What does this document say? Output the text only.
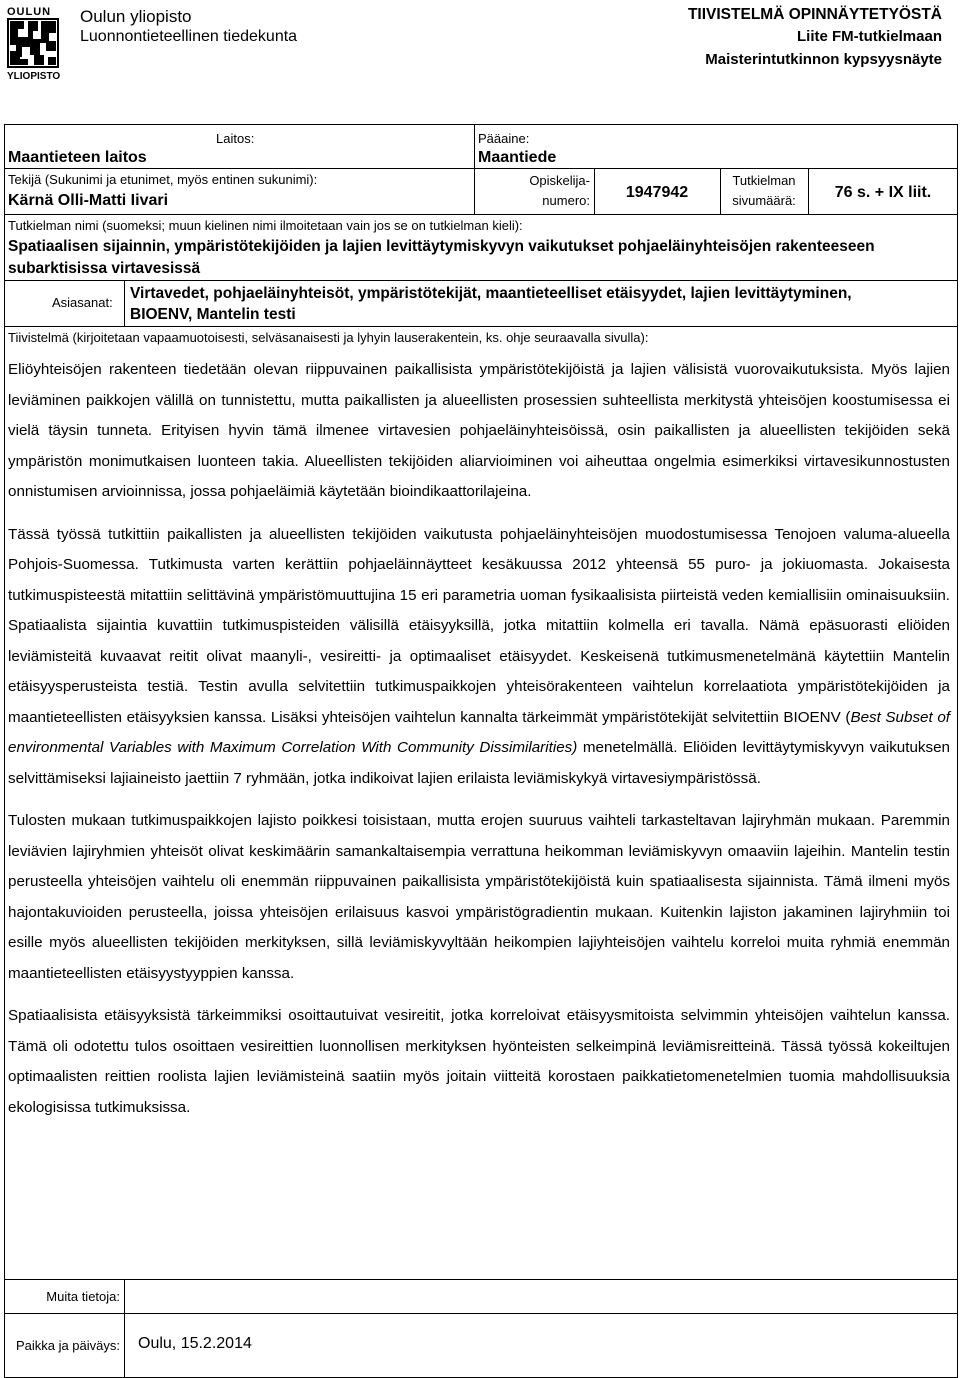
OULUN
YLIOPISTO
Oulun yliopisto
Luonnontieteellinen tiedekunta
TIIVISTELMÄ OPINNÄYTETYÖSTÄ
Liite FM-tutkielmaan
Maisterintutkinnon kypsyysnäyte
Laitos:
Maantieteen laitos
Pääaine:
Maantiede
Tekijä (Sukunimi ja etunimet, myös entinen sukunimi):
Kärnä Olli-Matti Iivari
Opiskelija-
numero:	1947942
Tutkielman
sivumäärä:	76 s. + IX liit.
Tutkielman nimi (suomeksi; muun kielinen nimi ilmoitetaan vain jos se on tutkielman kieli):
Spatiaalisen sijainnin, ympäristötekijöiden ja lajien levittäytymiskyvyn vaikutukset pohjaeläinyhteisöjen rakenteeseen
subarktisissa virtavesissä
Asiasanat:
Virtavedet, pohjaeläinyhteisöt, ympäristötekijät, maantieteelliset etäisyydet, lajien levittäytyminen,
BIOENV, Mantelin testi
Tiivistelmä (kirjoitetaan vapaamuotoisesti, selväsanaisesti ja lyhyin lauserakentein, ks. ohje seuraavalla sivulla):

Eliöyhteisöjen rakenteen tiedetään olevan riippuvainen paikallisista ympäristötekijöistä ja lajien välisistä vuorovaikutuksista. Myös lajien leviäminen paikkojen välillä on tunnistettu, mutta paikallisten ja alueellisten prosessien suhteellista merkitystä yhteisöjen koostumisessa ei vielä täysin tunneta. Erityisen hyvin tämä ilmenee virtavesien pohjaeläinyhteisöissä, osin paikallisten ja alueellisten tekijöiden sekä ympäristön monimutkaisen luonteen takia. Alueellisten tekijöiden aliarvioiminen voi aiheuttaa ongelmia esimerkiksi virtavesikunnostusten onnistumisen arvioinnissa, jossa pohjaeläimiä käytetään bioindikaattorilajeina.

Tässä työssä tutkittiin paikallisten ja alueellisten tekijöiden vaikutusta pohjaeläinyhteisöjen muodostumisessa Tenojoen valuma-alueella Pohjois-Suomessa. Tutkimusta varten kerättiin pohjaeläinnäytteet kesäkuussa 2012 yhteensä 55 puro- ja jokiuomasta. Jokaisesta tutkimuspisteestä mitattiin selittävinä ympäristömuuttujina 15 eri parametria uoman fysikaalisista piirteistä veden kemiallisiin ominaisuuksiin. Spatiaalista sijaintia kuvattiin tutkimuspisteiden välisillä etäisyyksillä, jotka mitattiin kolmella eri tavalla. Nämä epäsuorasti eliöiden leviämisteitä kuvaavat reitit olivat maanyli-, vesireitti- ja optimaaliset etäisyydet. Keskeisenä tutkimusmenetelmänä käytettiin Mantelin etäisyysperusteista testiä. Testin avulla selvitettiin tutkimuspaikkojen yhteisörakenteen vaihtelun korrelaatiota ympäristötekijöiden ja maantieteellisten etäisyyksien kanssa. Lisäksi yhteisöjen vaihtelun kannalta tärkeimmät ympäristötekijät selvitettiin BIOENV (Best Subset of environmental Variables with Maximum Correlation With Community Dissimilarities) menetelmällä. Eliöiden levittäytymiskyvyn vaikutuksen selvittämiseksi lajiaineisto jaettiin 7 ryhmään, jotka indikoivat lajien erilaista leviämiskykyä virtavesiympäristössä.

Tulosten mukaan tutkimuspaikkojen lajisto poikkesi toisistaan, mutta erojen suuruus vaihteli tarkasteltavan lajiryhmän mukaan. Paremmin leviävien lajiryhmien yhteisöt olivat keskimäärin samankaltaisempia verrattuna heikomman leviämiskyvyn omaaviin lajeihin. Mantelin testin perusteella yhteisöjen vaihtelu oli enemmän riippuvainen paikallisista ympäristötekijöistä kuin spatiaalisesta sijainnista. Tämä ilmeni myös hajontakuvioiden perusteella, joissa yhteisöjen erilaisuus kasvoi ympäristögradientin mukaan. Kuitenkin lajiston jakaminen lajiryhmiin toi esille myös alueellisten tekijöiden merkityksen, sillä leviämiskyvyltään heikompien lajiyhteisöjen vaihtelu korreloi muita ryhmiä enemmän maantieteellisten etäisyystyyppien kanssa.

Spatiaalisista etäisyyksistä tärkeimmiksi osoittautuivat vesireitit, jotka korreloivat etäisyysmitoista selvimmin yhteisöjen vaihtelun kanssa. Tämä oli odotettu tulos osoittaen vesireittien luonnollisen merkityksen hyönteisten selkeimpinä leviämisreitteinä. Tässä työssä kokeiltujen optimaalisten reittien roolista lajien leviämisteinä saatiin myös joitain viitteitä korostaen paikkatietomenetelmien tuomia mahdollisuuksia ekologisissa tutkimuksissa.

Muita tietoja:
Paikka ja päiväys: Oulu, 15.2.2014
